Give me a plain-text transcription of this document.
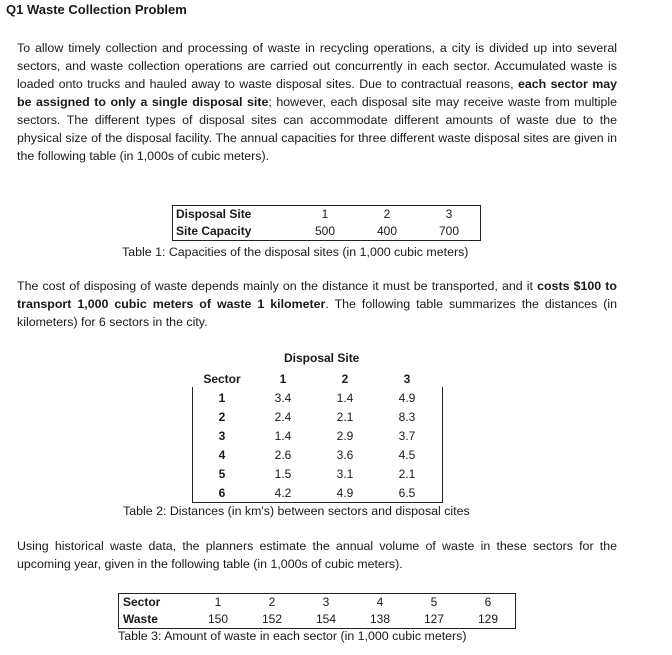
Q1 Waste Collection Problem
To allow timely collection and processing of waste in recycling operations, a city is divided up into several sectors, and waste collection operations are carried out concurrently in each sector. Accumulated waste is loaded onto trucks and hauled away to waste disposal sites. Due to contractual reasons, each sector may be assigned to only a single disposal site; however, each disposal site may receive waste from multiple sectors. The different types of disposal sites can accommodate different amounts of waste due to the physical size of the disposal facility. The annual capacities for three different waste disposal sites are given in the following table (in 1,000s of cubic meters).
Disposal Site	1	2	3
Site Capacity	500	400	700
Table 1: Capacities of the disposal sites (in 1,000 cubic meters)
The cost of disposing of waste depends mainly on the distance it must be transported, and it costs $100 to transport 1,000 cubic meters of waste 1 kilometer. The following table summarizes the distances (in kilometers) for 6 sectors in the city.
Disposal Site
Sector	1	2	3
1	3.4	1.4	4.9
2	2.4	2.1	8.3
3	1.4	2.9	3.7
4	2.6	3.6	4.5
5	1.5	3.1	2.1
6	4.2	4.9	6.5
Table 2: Distances (in km's) between sectors and disposal cites
Using historical waste data, the planners estimate the annual volume of waste in these sectors for the upcoming year, given in the following table (in 1,000s of cubic meters).
Sector	1	2	3	4	5	6
Waste	150	152	154	138	127	129
Table 3: Amount of waste in each sector (in 1,000 cubic meters)
